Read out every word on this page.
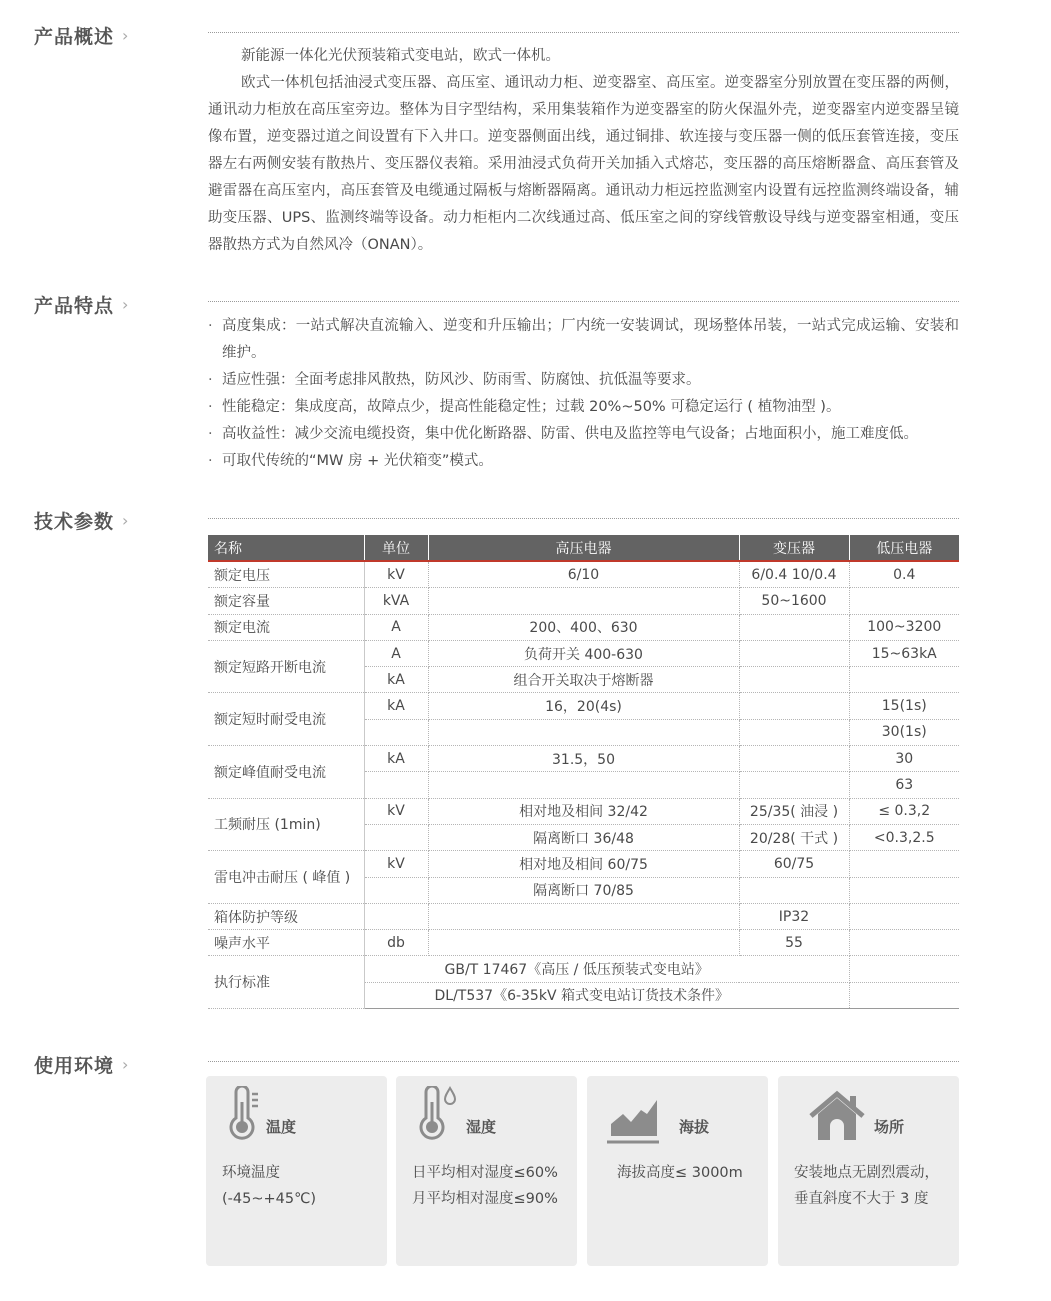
产品概述 ›

新能源一体化光伏预装箱式变电站，欧式一体机。

欧式一体机包括油浸式变压器、高压室、通讯动力柜、逆变器室、高压室。逆变器室分别放置在变压器的两侧，通讯动力柜放在高压室旁边。整体为目字型结构，采用集装箱作为逆变器室的防火保温外壳，逆变器室内逆变器呈镜像布置，逆变器过道之间设置有下入井口。逆变器侧面出线，通过铜排、软连接与变压器一侧的低压套管连接，变压器左右两侧安装有散热片、变压器仪表箱。采用油浸式负荷开关加插入式熔芯，变压器的高压熔断器盒、高压套管及避雷器在高压室内，高压套管及电缆通过隔板与熔断器隔离。通讯动力柜远控监测室内设置有远控监测终端设备，辅助变压器、UPS、监测终端等设备。动力柜柜内二次线通过高、低压室之间的穿线管敷设导线与逆变器室相通，变压器散热方式为自然风冷（ONAN）。

产品特点 ›
· 高度集成：一站式解决直流输入、逆变和升压输出；厂内统一安装调试，现场整体吊装，一站式完成运输、安装和维护。
· 适应性强：全面考虑排风散热，防风沙、防雨雪、防腐蚀、抗低温等要求。
· 性能稳定：集成度高，故障点少，提高性能稳定性；过载 20%~50% 可稳定运行 ( 植物油型 )。
· 高收益性：减少交流电缆投资，集中优化断路器、防雷、供电及监控等电气设备；占地面积小，施工难度低。
· 可取代传统的“MW 房 + 光伏箱变”模式。
技术参数 ›
名称	单位	高压电器	变压器	低压电器
额定电压	kV	6/10	6/0.4 10/0.4	0.4
额定容量	kVA		50~1600	
额定电流	A	200、400、630		100~3200
额定短路开断电流	A	负荷开关 400-630		15~63kA
	kA	组合开关取决于熔断器		
额定短时耐受电流	kA	16，20(4s)		15(1s)
				30(1s)
额定峰值耐受电流	kA	31.5，50		30
				63
工频耐压 (1min)	kV	相对地及相间 32/42	25/35( 油浸 )	≤ 0.3,2
		隔离断口 36/48	20/28( 干式 )	<0.3,2.5
雷电冲击耐压 ( 峰值 )	kV	相对地及相间 60/75	60/75	
		隔离断口 70/85		
箱体防护等级			IP32	
噪声水平	db		55	
执行标准	GB/T 17467《高压 / 低压预装式变电站》			
	DL/T537《6-35kV 箱式变电站订货技术条件》			
使用环境 ›
温度
环境温度 (-45~+45℃)
湿度
日平均相对湿度≤60%
月平均相对湿度≤90%
海拔
海拔高度≤ 3000m
场所
安装地点无剧烈震动，
垂直斜度不大于 3 度
